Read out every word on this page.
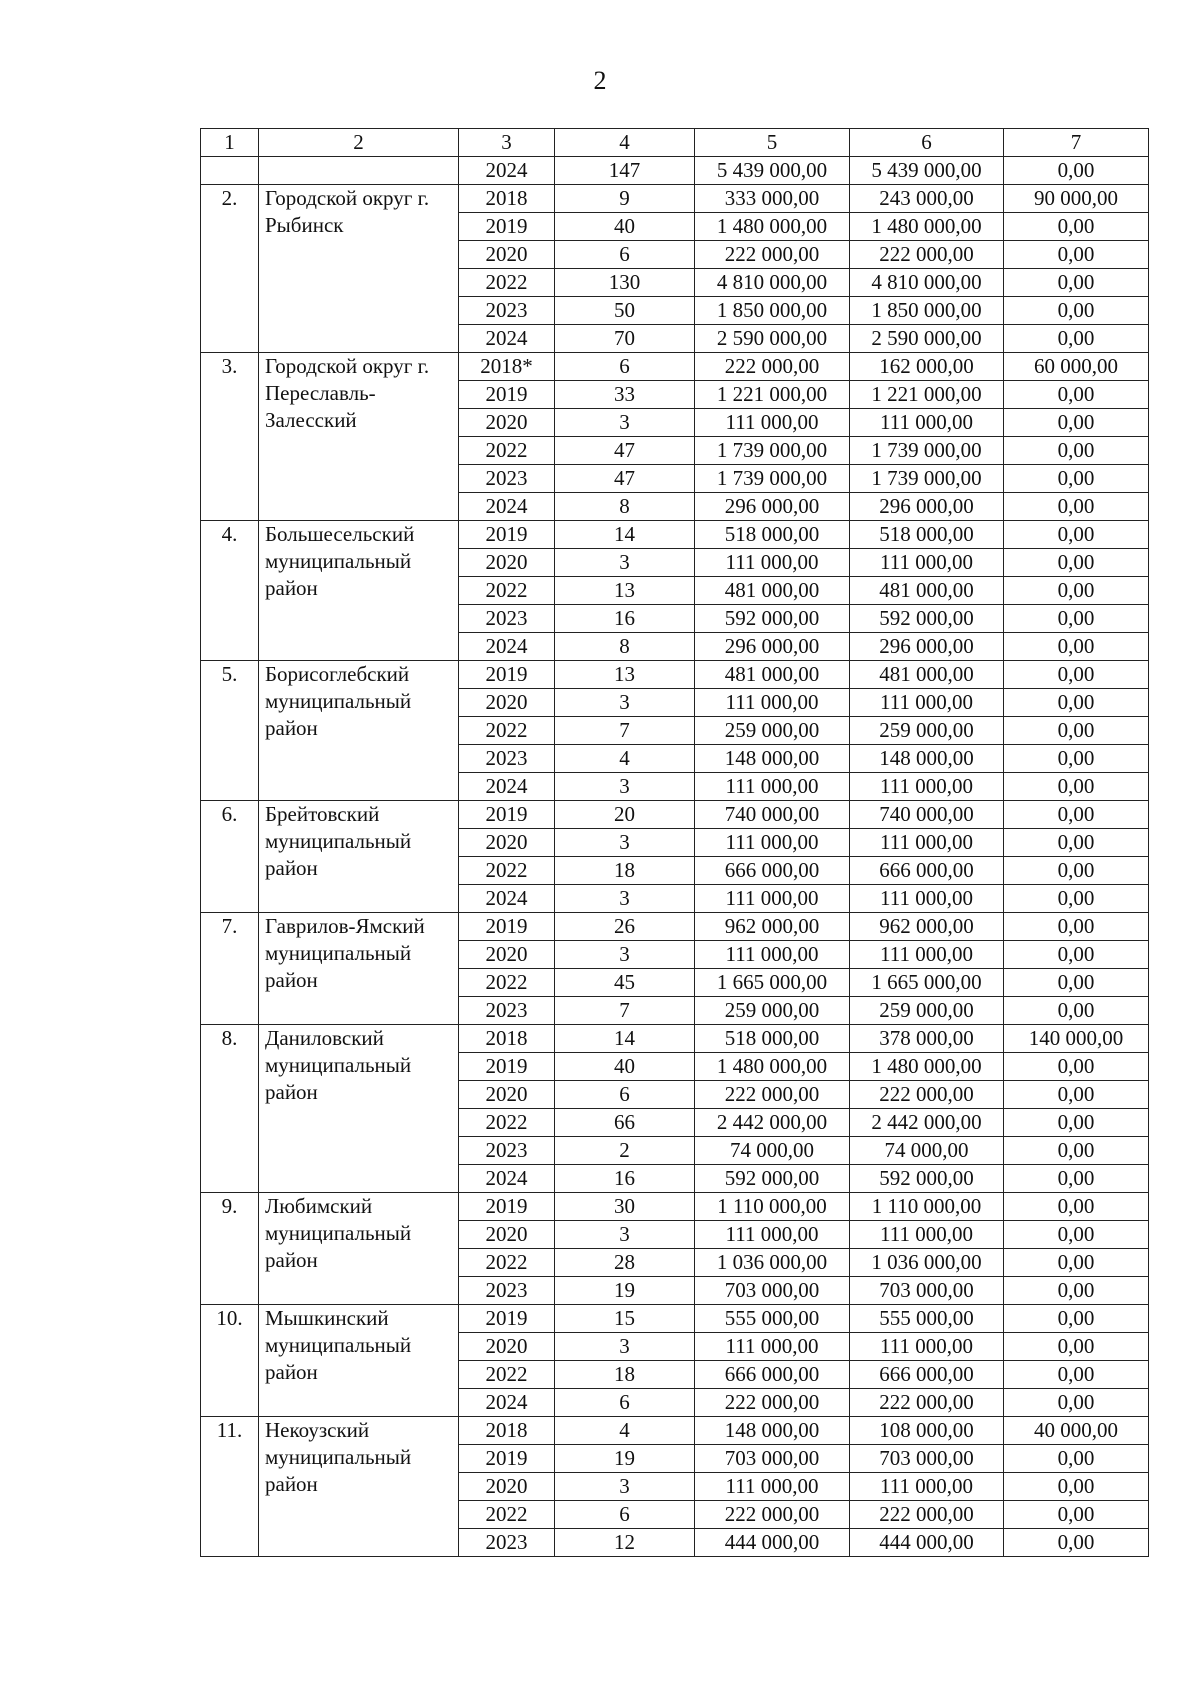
2
1	2	3	4	5	6	7
		2024	147	5 439 000,00	5 439 000,00	0,00
2.	Городской округ г. Рыбинск	2018	9	333 000,00	243 000,00	90 000,00
		2019	40	1 480 000,00	1 480 000,00	0,00
		2020	6	222 000,00	222 000,00	0,00
		2022	130	4 810 000,00	4 810 000,00	0,00
		2023	50	1 850 000,00	1 850 000,00	0,00
		2024	70	2 590 000,00	2 590 000,00	0,00
3.	Городской округ г. Переславль-Залесский	2018*	6	222 000,00	162 000,00	60 000,00
		2019	33	1 221 000,00	1 221 000,00	0,00
		2020	3	111 000,00	111 000,00	0,00
		2022	47	1 739 000,00	1 739 000,00	0,00
		2023	47	1 739 000,00	1 739 000,00	0,00
		2024	8	296 000,00	296 000,00	0,00
4.	Большесельский муниципальный район	2019	14	518 000,00	518 000,00	0,00
		2020	3	111 000,00	111 000,00	0,00
		2022	13	481 000,00	481 000,00	0,00
		2023	16	592 000,00	592 000,00	0,00
		2024	8	296 000,00	296 000,00	0,00
5.	Борисоглебский муниципальный район	2019	13	481 000,00	481 000,00	0,00
		2020	3	111 000,00	111 000,00	0,00
		2022	7	259 000,00	259 000,00	0,00
		2023	4	148 000,00	148 000,00	0,00
		2024	3	111 000,00	111 000,00	0,00
6.	Брейтовский муниципальный район	2019	20	740 000,00	740 000,00	0,00
		2020	3	111 000,00	111 000,00	0,00
		2022	18	666 000,00	666 000,00	0,00
		2024	3	111 000,00	111 000,00	0,00
7.	Гаврилов-Ямский муниципальный район	2019	26	962 000,00	962 000,00	0,00
		2020	3	111 000,00	111 000,00	0,00
		2022	45	1 665 000,00	1 665 000,00	0,00
		2023	7	259 000,00	259 000,00	0,00
8.	Даниловский муниципальный район	2018	14	518 000,00	378 000,00	140 000,00
		2019	40	1 480 000,00	1 480 000,00	0,00
		2020	6	222 000,00	222 000,00	0,00
		2022	66	2 442 000,00	2 442 000,00	0,00
		2023	2	74 000,00	74 000,00	0,00
		2024	16	592 000,00	592 000,00	0,00
9.	Любимский муниципальный район	2019	30	1 110 000,00	1 110 000,00	0,00
		2020	3	111 000,00	111 000,00	0,00
		2022	28	1 036 000,00	1 036 000,00	0,00
		2023	19	703 000,00	703 000,00	0,00
10.	Мышкинский муниципальный район	2019	15	555 000,00	555 000,00	0,00
		2020	3	111 000,00	111 000,00	0,00
		2022	18	666 000,00	666 000,00	0,00
		2024	6	222 000,00	222 000,00	0,00
11.	Некоузский муниципальный район	2018	4	148 000,00	108 000,00	40 000,00
		2019	19	703 000,00	703 000,00	0,00
		2020	3	111 000,00	111 000,00	0,00
		2022	6	222 000,00	222 000,00	0,00
		2023	12	444 000,00	444 000,00	0,00
